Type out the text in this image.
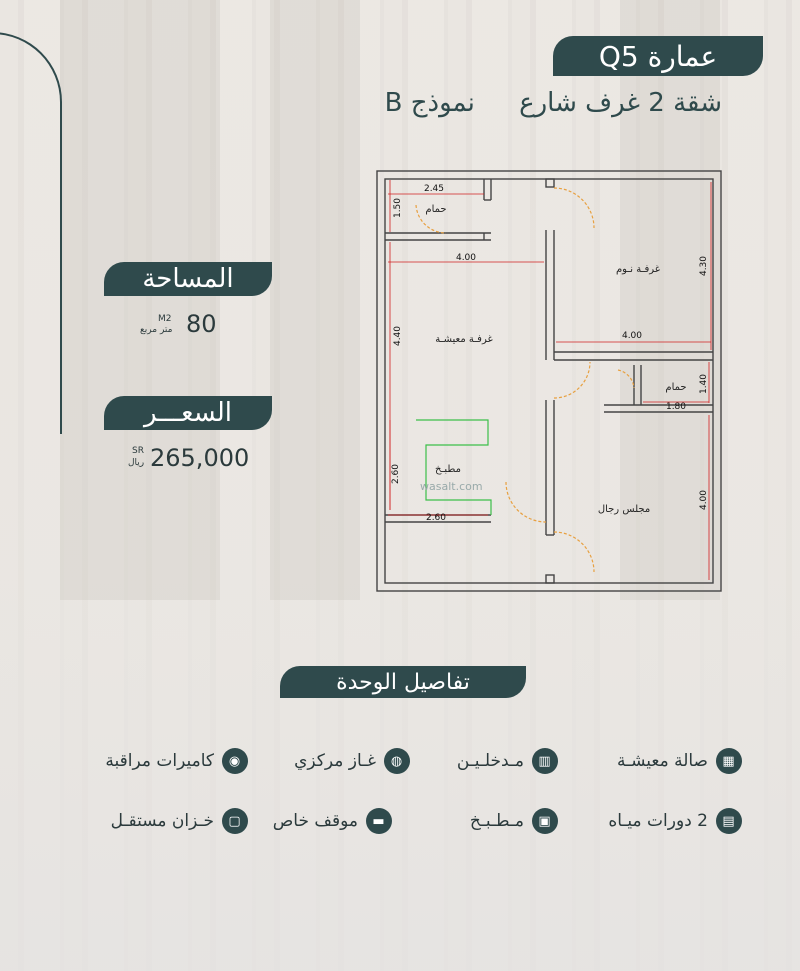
عمارة Q5
شقة 2 غرف شارع نموذج B
المساحة
80
M2
متر مربع
السعـــر
265,000
SR
ريال
حمام
غرفـة نـوم
غرفـة معيشـة
حمام
مطبـخ
مجلس رجال
2.45
1.50
4.00
4.40
4.30
4.00
1.40
1.80
2.60
2.60
4.00
wasalt.com
تفاصيل الوحدة
▦
صالة معيشـة
▥
مـدخلـيـن
◍
غـاز مركزي
◉
كاميرات مراقبة
▤
2 دورات ميـاه
▣
مـطـبـخ
▬
موقف خاص
▢
خـزان مستقـل
